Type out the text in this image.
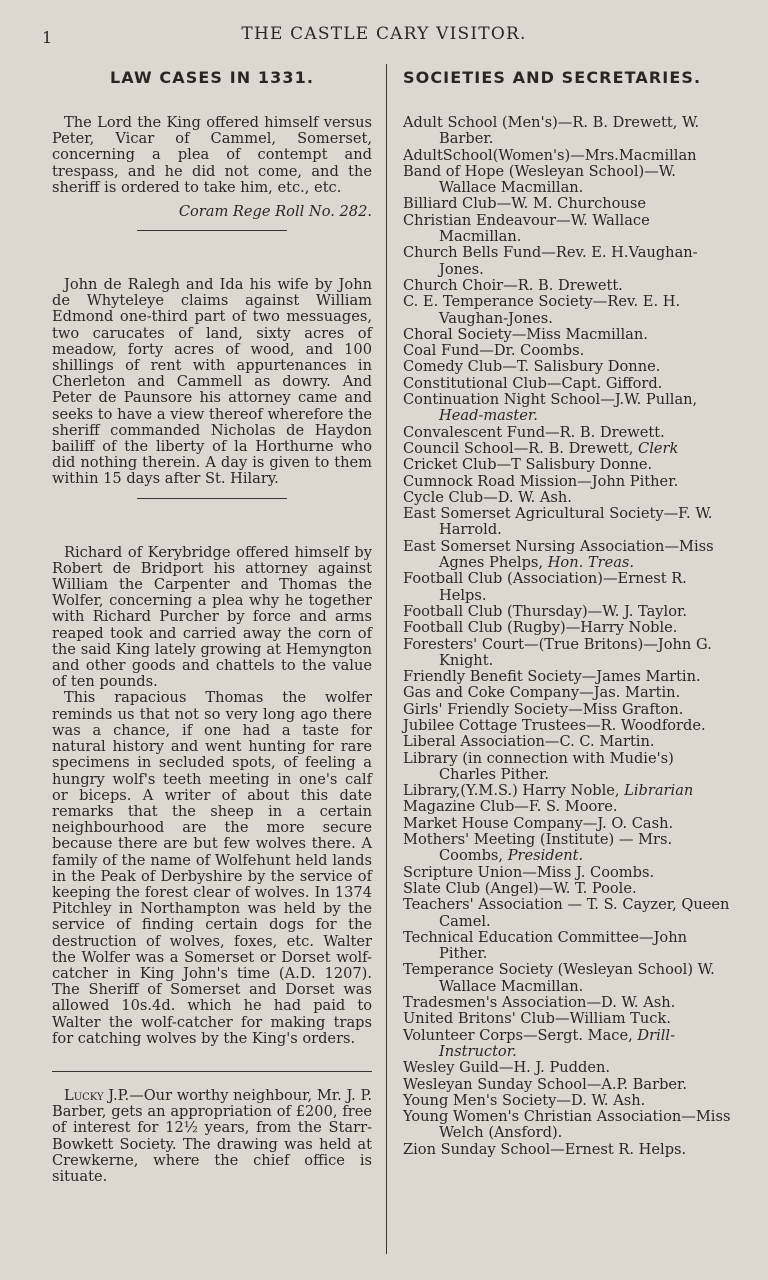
1	THE CASTLE CARY VISITOR.
LAW CASES IN 1331.

The Lord the King offered himself versus Peter, Vicar of Cammel, Somerset, concerning a plea of contempt and trespass, and he did not come, and the sheriff is ordered to take him, etc., etc.

Coram Rege Roll No. 282.

John de Ralegh and Ida his wife by John de Whyteleye claims against William Edmond one-third part of two messuages, two carucates of land, sixty acres of meadow, forty acres of wood, and 100 shillings of rent with appurtenances in Cherleton and Cammell as dowry. And Peter de Paunsore his attorney came and seeks to have a view thereof wherefore the sheriff commanded Nicholas de Haydon bailiff of the liberty of la Horthurne who did nothing therein. A day is given to them within 15 days after St. Hilary.

Richard of Kerybridge offered himself by Robert de Bridport his attorney against William the Carpenter and Thomas the Wolfer, concerning a plea why he together with Richard Purcher by force and arms reaped took and carried away the corn of the said King lately growing at Hemyngton and other goods and chattels to the value of ten pounds.

This rapacious Thomas the wolfer reminds us that not so very long ago there was a chance, if one had a taste for natural history and went hunting for rare specimens in secluded spots, of feeling a hungry wolf's teeth meeting in one's calf or biceps. A writer of about this date remarks that the sheep in a certain neighbourhood are the more secure because there are but few wolves there. A family of the name of Wolfehunt held lands in the Peak of Derbyshire by the service of keeping the forest clear of wolves. In 1374 Pitchley in Northampton was held by the service of finding certain dogs for the destruction of wolves, foxes, etc. Walter the Wolfer was a Somerset or Dorset wolf-catcher in King John's time (A.D. 1207). The Sheriff of Somerset and Dorset was allowed 10s.4d. which he had paid to Walter the wolf-catcher for making traps for catching wolves by the King's orders.

Lucky J.P.—Our worthy neighbour, Mr. J. P. Barber, gets an appropriation of £200, free of interest for 12½ years, from the Starr-Bowkett Society. The drawing was held at Crewkerne, where the chief office is situate.

SOCIETIES AND SECRETARIES.
Adult School (Men's)—R. B. Drewett, W. Barber.
AdultSchool(Women's)—Mrs.Macmillan
Band of Hope (Wesleyan School)—W. Wallace Macmillan.
Billiard Club—W. M. Churchouse
Christian Endeavour—W. Wallace Macmillan.
Church Bells Fund—Rev. E. H.Vaughan-Jones.
Church Choir—R. B. Drewett.
C. E. Temperance Society—Rev. E. H. Vaughan-Jones.
Choral Society—Miss Macmillan.
Coal Fund—Dr. Coombs.
Comedy Club—T. Salisbury Donne.
Constitutional Club—Capt. Gifford.
Continuation Night School—J.W. Pullan, Head-master.
Convalescent Fund—R. B. Drewett.
Council School—R. B. Drewett, Clerk
Cricket Club—T Salisbury Donne.
Cumnock Road Mission—John Pither.
Cycle Club—D. W. Ash.
East Somerset Agricultural Society—F. W. Harrold.
East Somerset Nursing Association—Miss Agnes Phelps, Hon. Treas.
Football Club (Association)—Ernest R. Helps.
Football Club (Thursday)—W. J. Taylor.
Football Club (Rugby)—Harry Noble.
Foresters' Court—(True Britons)—John G. Knight.
Friendly Benefit Society—James Martin.
Gas and Coke Company—Jas. Martin.
Girls' Friendly Society—Miss Grafton.
Jubilee Cottage Trustees—R. Woodforde.
Liberal Association—C. C. Martin.
Library (in connection with Mudie's) Charles Pither.
Library,(Y.M.S.) Harry Noble, Librarian
Magazine Club—F. S. Moore.
Market House Company—J. O. Cash.
Mothers' Meeting (Institute) — Mrs. Coombs, President.
Scripture Union—Miss J. Coombs.
Slate Club (Angel)—W. T. Poole.
Teachers' Association — T. S. Cayzer, Queen Camel.
Technical Education Committee—John Pither.
Temperance Society (Wesleyan School) W. Wallace Macmillan.
Tradesmen's Association—D. W. Ash.
United Britons' Club—William Tuck.
Volunteer Corps—Sergt. Mace, Drill-Instructor.
Wesley Guild—H. J. Pudden.
Wesleyan Sunday School—A.P. Barber.
Young Men's Society—D. W. Ash.
Young Women's Christian Association—Miss Welch (Ansford).
Zion Sunday School—Ernest R. Helps.
